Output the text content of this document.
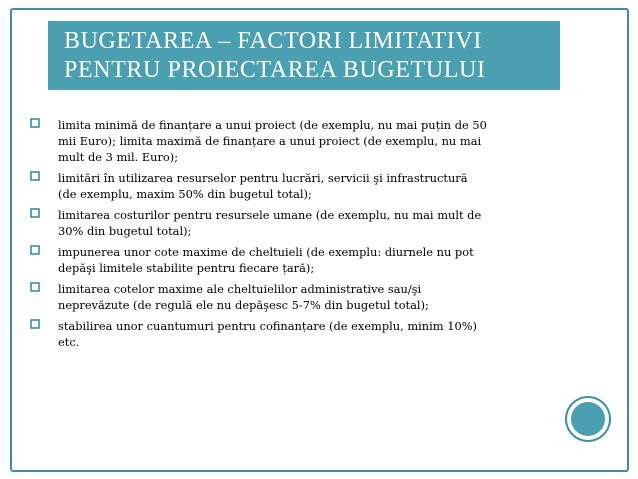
BUGETAREA – FACTORI LIMITATIVI
PENTRU PROIECTAREA BUGETULUI
limita minimă de finanțare a unui proiect (de exemplu, nu mai puțin de 50
mii Euro); limita maximă de finanțare a unui proiect (de exemplu, nu mai
mult de 3 mil. Euro);
limitări în utilizarea resurselor pentru lucrări, servicii şi infrastructură
(de exemplu, maxim 50% din bugetul total);
limitarea costurilor pentru resursele umane (de exemplu, nu mai mult de
30% din bugetul total);
impunerea unor cote maxime de cheltuieli (de exemplu: diurnele nu pot
depăşi limitele stabilite pentru fiecare țară);
limitarea cotelor maxime ale cheltuielilor administrative sau/şi
neprevăzute (de regulă ele nu depăşesc 5-7% din bugetul total);
stabilirea unor cuantumuri pentru cofinanțare (de exemplu, minim 10%)
etc.
